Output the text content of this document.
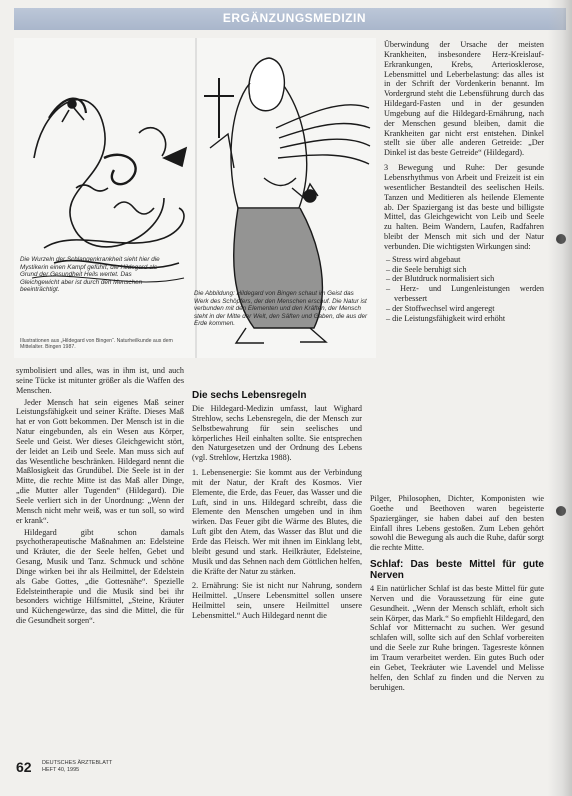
ERGÄNZUNGSMEDIZIN
Die Wurzeln der Schlangenkrankheit sieht hier die Mystikerin einen Kampf geführt, die Hildegard als Grund der Gesundheit Heils wertet. Das Gleichgewicht aber ist durch den Menschen beeinträchtigt.
Illustrationen aus „Hildegard von Bingen“. Naturheilkunde aus dem Mittelalter. Bingen 1987.
Die Abbildung: Hildegard von Bingen schaut im Geist das Werk des Schöpfers, der den Menschen erschuf. Die Natur ist verbunden mit den Elementen und den Kräften, der Mensch steht in der Mitte der Welt, den Säften und Gaben, die aus der Erde kommen.

Überwindung der Ursache der meisten Krankheiten, insbesondere Herz-Kreislauf-Erkrankungen, Krebs, Arteriosklerose, Lebensmittel und Leberbelastung: das alles ist in der Schrift der Vordenkerin benannt. Im Vordergrund steht die Lebensführung durch das Hildegard-Fasten und in der gesunden Umgebung auf die Hildegard-Ernährung, nach der Menschen gesund bleiben, damit die Krankheiten gar nicht erst entstehen. Dinkel stellt sie über alle anderen Getreide: „Der Dinkel ist das beste Getreide“ (Hildegard).

3 Bewegung und Ruhe: Der gesunde Lebensrhythmus von Arbeit und Freizeit ist ein wesentlicher Bestandteil des seelischen Heils. Tanzen und Meditieren als heilende Elemente ab. Der Spaziergang ist das beste und billigste Mittel, das Gleichgewicht von Leib und Seele zu halten. Beim Wandern, Laufen, Radfahren bleibt der Mensch mit sich und der Natur verbunden. Die wichtigsten Wirkungen sind:

– Stress wird abgebaut
– die Seele beruhigt sich
– der Blutdruck normalisiert sich
– Herz- und Lungenleistungen werden verbessert
– der Stoffwechsel wird angeregt
– die Leistungsfähigkeit wird erhöht

Pilger, Philosophen, Dichter, Komponisten wie Goethe und Beethoven waren begeisterte Spaziergänger, sie haben dabei auf den besten Einfall ihres Lebens gestoßen. Zum Leben gehört sowohl die Bewegung als auch die Ruhe, dafür sorgt die rechte Mitte.

Schlaf: Das beste Mittel für gute Nerven

4 Ein natürlicher Schlaf ist das beste Mittel für gute Nerven und die Voraussetzung für eine gute Gesundheit. „Wenn der Mensch schläft, erholt sich sein Körper, das Mark.“ So empfiehlt Hildegard, den Schlaf vor Mitternacht zu suchen. Wer gesund schlafen will, sollte sich auf den Schlaf vorbereiten und die Seele zur Ruhe bringen. Tagesreste können im Traum verarbeitet werden. Ein gutes Buch oder ein Gebet, Teekräuter wie Lavendel und Melisse helfen, den Schlaf zu finden und die Nerven zu beruhigen.

symbolisiert und alles, was in ihm ist, und auch seine Tücke ist mitunter größer als die Waffen des Menschen.

Jeder Mensch hat sein eigenes Maß seiner Leistungsfähigkeit und seiner Kräfte. Dieses Maß hat er von Gott bekommen. Der Mensch ist in die Natur eingebunden, als ein Wesen aus Körper, Seele und Geist. Wer dieses Gleichgewicht stört, der leidet an Leib und Seele. Man muss sich auf das Wesentliche beschränken. Hildegard nennt die Maßlosigkeit das Grundübel. Die Seele ist in der Mitte, die rechte Mitte ist das Maß aller Dinge, „die Mutter aller Tugenden“ (Hildegard). Die Seele verliert sich in der Unordnung: „Wenn der Mensch nicht mehr weiß, was er tun soll, so wird er krank“.

Hildegard gibt schon damals psychotherapeutische Maßnahmen an: Edelsteine und Kräuter, die der Seele helfen, Gebet und Gesang, Musik und Tanz. Schmuck und schöne Dinge wirken bei ihr als Heilmittel, der Edelstein als Gabe Gottes, „die Gottesnähe“. Spezielle Edelsteintherapie und die Musik sind bei ihr besonders wichtige Hilfsmittel, „Steine, Kräuter und Küchengewürze, das sind die Mittel, die für die Gesundheit sorgen“.

Die sechs Lebensregeln

Die Hildegard-Medizin umfasst, laut Wighard Strehlow, sechs Lebensregeln, die der Mensch zur Selbstbewahrung für sein seelisches und körperliches Heil einhalten sollte. Sie entsprechen den Naturgesetzen und der Ordnung des Lebens (vgl. Strehlow, Hertzka 1988).

1. Lebensenergie: Sie kommt aus der Verbindung mit der Natur, der Kraft des Kosmos. Vier Elemente, die Erde, das Feuer, das Wasser und die Luft, sind in uns. Hildegard schreibt, dass die Elemente den Menschen umgeben und in ihm wirken. Das Feuer gibt die Wärme des Blutes, die Luft gibt den Atem, das Wasser das Blut und die Erde das Fleisch. Wer mit ihnen im Einklang lebt, bleibt gesund und stark. Heilkräuter, Edelsteine, Musik und das Sehnen nach dem Göttlichen helfen, die Kräfte der Natur zu stärken.

2. Ernährung: Sie ist nicht nur Nahrung, sondern Heilmittel. „Unsere Lebensmittel sollen unsere Heilmittel sein, unsere Heilmittel unsere Lebensmittel.“ Auch Hildegard nennt die

62 DEUTSCHES ÄRZTEBLATT
HEFT 40, 1995
